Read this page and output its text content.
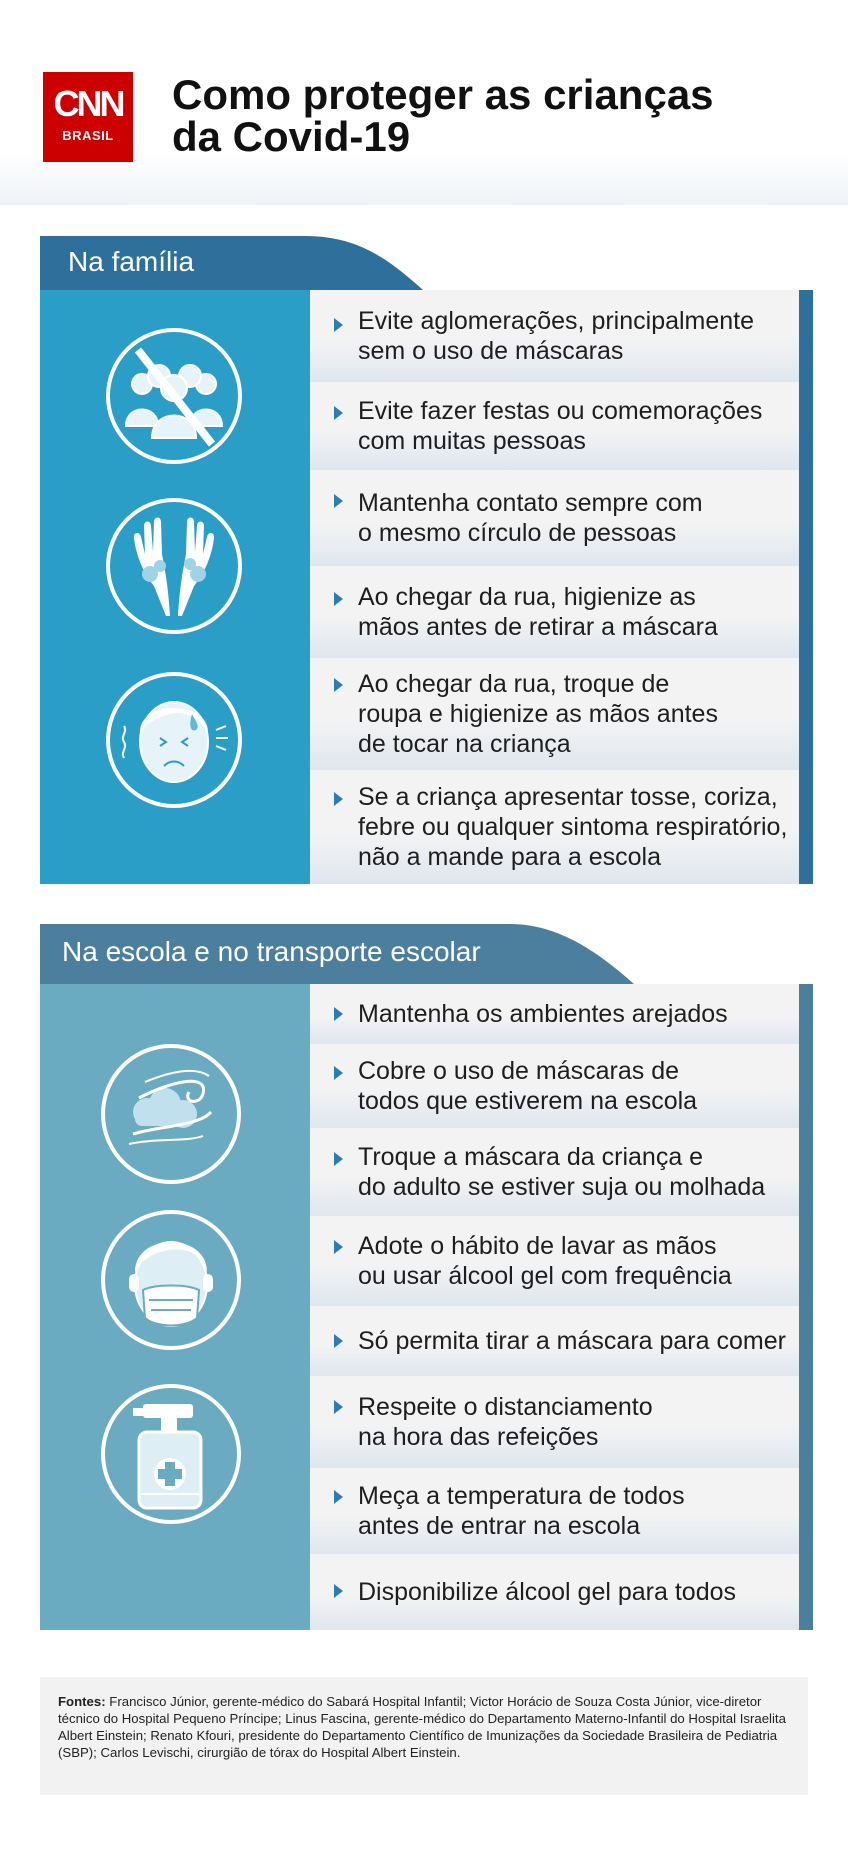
CNN
BRASIL
Como proteger as crianças da Covid-19
Na família
Evite aglomerações, principalmente
sem o uso de máscaras
Evite fazer festas ou comemorações
com muitas pessoas
Mantenha contato sempre com
o mesmo círculo de pessoas
Ao chegar da rua, higienize as
mãos antes de retirar a máscara
Ao chegar da rua, troque de
roupa e higienize as mãos antes
de tocar na criança
Se a criança apresentar tosse, coriza,
febre ou qualquer sintoma respiratório,
não a mande para a escola
Na escola e no transporte escolar
Mantenha os ambientes arejados
Cobre o uso de máscaras de
todos que estiverem na escola
Troque a máscara da criança e
do adulto se estiver suja ou molhada
Adote o hábito de lavar as mãos
ou usar álcool gel com frequência
Só permita tirar a máscara para comer
Respeite o distanciamento
na hora das refeições
Meça a temperatura de todos
antes de entrar na escola
Disponibilize álcool gel para todos
Fontes: Francisco Júnior, gerente-médico do Sabará Hospital Infantil; Victor Horácio de Souza Costa Júnior, vice-diretor técnico do Hospital Pequeno Príncipe; Linus Fascina, gerente-médico do Departamento Materno-Infantil do Hospital Israelita Albert Einstein; Renato Kfouri, presidente do Departamento Científico de Imunizações da Sociedade Brasileira de Pediatria (SBP); Carlos Levischi, cirurgião de tórax do Hospital Albert Einstein.
